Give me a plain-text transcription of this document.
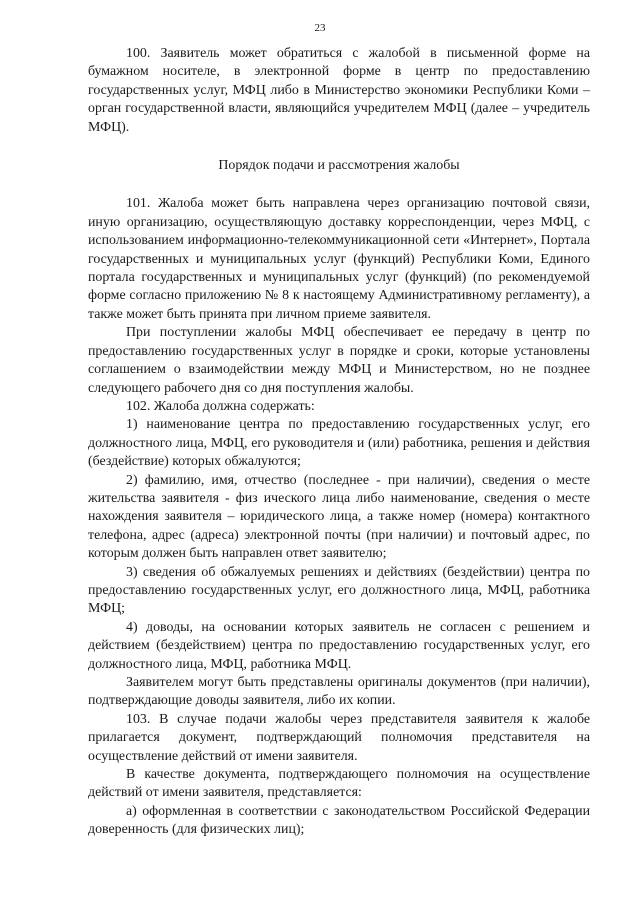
23

100. Заявитель может обратиться с жалобой в письменной форме на бумажном носителе, в электронной форме в центр по предоставлению государственных услуг, МФЦ либо в Министерство экономики Республики Коми – орган государственной власти, являющийся учредителем МФЦ (далее – учредитель МФЦ).

Порядок подачи и рассмотрения жалобы

101. Жалоба может быть направлена через организацию почтовой связи, иную организацию, осуществляющую доставку корреспонденции, через МФЦ, с использованием информационно-телекоммуникационной сети «Интернет», Портала государственных и муниципальных услуг (функций) Республики Коми, Единого портала государственных и муниципальных услуг (функций) (по рекомендуемой форме согласно приложению № 8 к настоящему Административному регламенту), а также может быть принята при личном приеме заявителя.

При поступлении жалобы МФЦ обеспечивает ее передачу в центр по предоставлению государственных услуг в порядке и сроки, которые установлены соглашением о взаимодействии между МФЦ и Министерством, но не позднее следующего рабочего дня со дня поступления жалобы.

102. Жалоба должна содержать:

1) наименование центра по предоставлению государственных услуг, его должностного лица, МФЦ, его руководителя и (или) работника, решения и действия (бездействие) которых обжалуются;

2) фамилию, имя, отчество (последнее - при наличии), сведения о месте жительства заявителя - физ ического лица либо наименование, сведения о месте нахождения заявителя – юридического лица, а также номер (номера) контактного телефона, адрес (адреса) электронной почты (при наличии) и почтовый адрес, по которым должен быть направлен ответ заявителю;

3) сведения об обжалуемых решениях и действиях (бездействии) центра по предоставлению государственных услуг, его должностного лица, МФЦ, работника МФЦ;

4) доводы, на основании которых заявитель не согласен с решением и действием (бездействием) центра по предоставлению государственных услуг, его должностного лица, МФЦ, работника МФЦ.

Заявителем могут быть представлены оригиналы документов (при наличии), подтверждающие доводы заявителя, либо их копии.

103. В случае подачи жалобы через представителя заявителя к жалобе прилагается документ, подтверждающий полномочия представителя на осуществление действий от имени заявителя.

В качестве документа, подтверждающего полномочия на осуществление действий от имени заявителя, представляется:

а) оформленная в соответствии с законодательством Российской Федерации доверенность (для физических лиц);
